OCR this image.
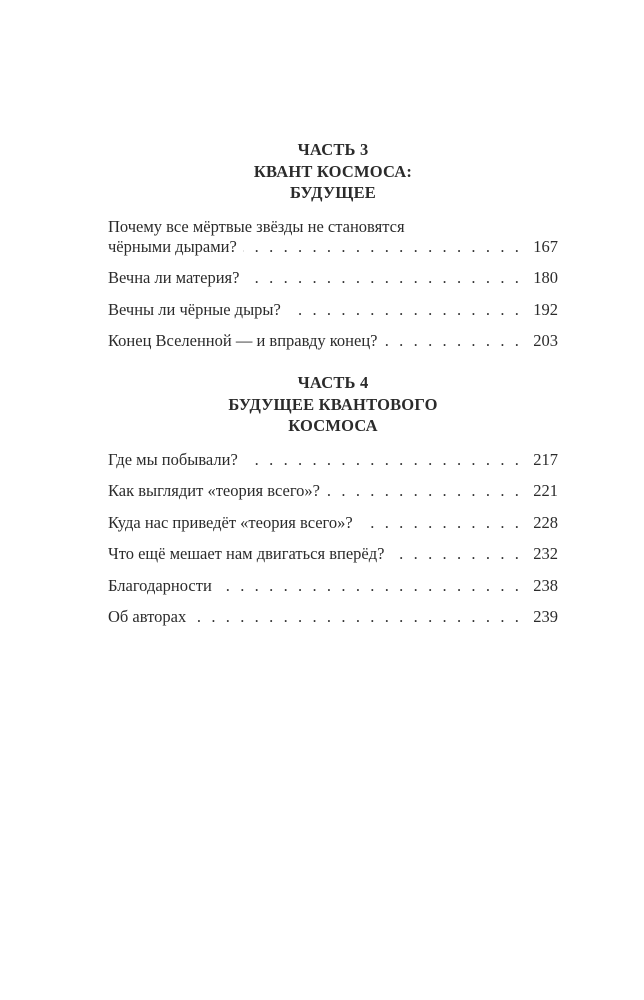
ЧАСТЬ 3
КВАНТ КОСМОСА:
БУДУЩЕЕ
Почему все мёртвые звёзды не становятся
чёрными дырами? . . .	167
Вечна ли материя? . . .	180
Вечны ли чёрные дыры? . . .	192
Конец Вселенной — и вправду конец? . . .	203
ЧАСТЬ 4
БУДУЩЕЕ КВАНТОВОГО
КОСМОСА
Где мы побывали? . . .	217
Как выглядит «теория всего»? . . .	221
Куда нас приведёт «теория всего»? . . .	228
Что ещё мешает нам двигаться вперёд? . . .	232
Благодарности . . .	238
Об авторах . . .	239
